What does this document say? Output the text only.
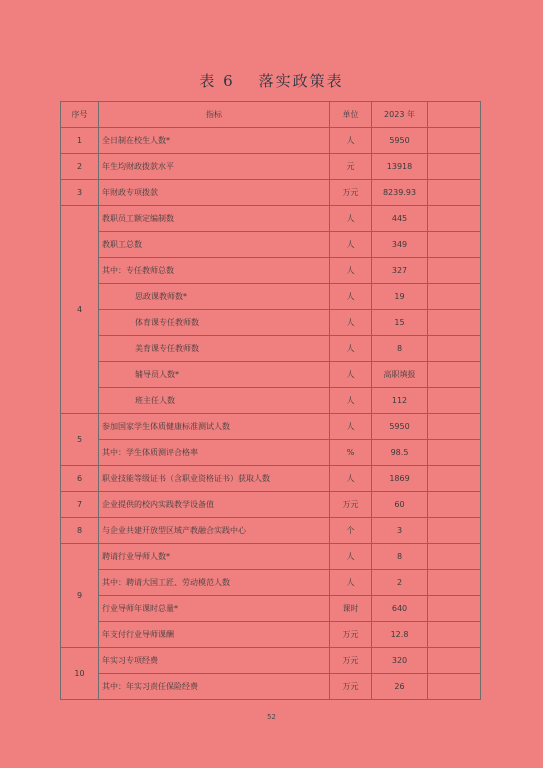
表 6 落实政策表
序号	指标	单位	2023 年	
1	全日制在校生人数*	人	5950	
2	年生均财政拨款水平	元	13918	
3	年财政专项拨款	万元	8239.93	
4	教职员工额定编制数	人	445	
	教职工总数	人	349	
	其中：专任教师总数	人	327	
	思政课教师数*	人	19	
	体育课专任教师数	人	15	
	美育课专任教师数	人	8	
	辅导员人数*	人	高职填报	
	班主任人数	人	112	
5	参加国家学生体质健康标准测试人数	人	5950	
	其中：学生体质测评合格率	%	98.5	
6	职业技能等级证书（含职业资格证书）获取人数	人	1869	
7	企业提供的校内实践教学设备值	万元	60	
8	与企业共建开放型区域产教融合实践中心	个	3	
9	聘请行业导师人数*	人	8	
	其中：聘请大国工匠、劳动模范人数	人	2	
	行业导师年课时总量*	课时	640	
	年支付行业导师课酬	万元	12.8	
10	年实习专项经费	万元	320	
	其中：年实习责任保险经费	万元	26	
52
